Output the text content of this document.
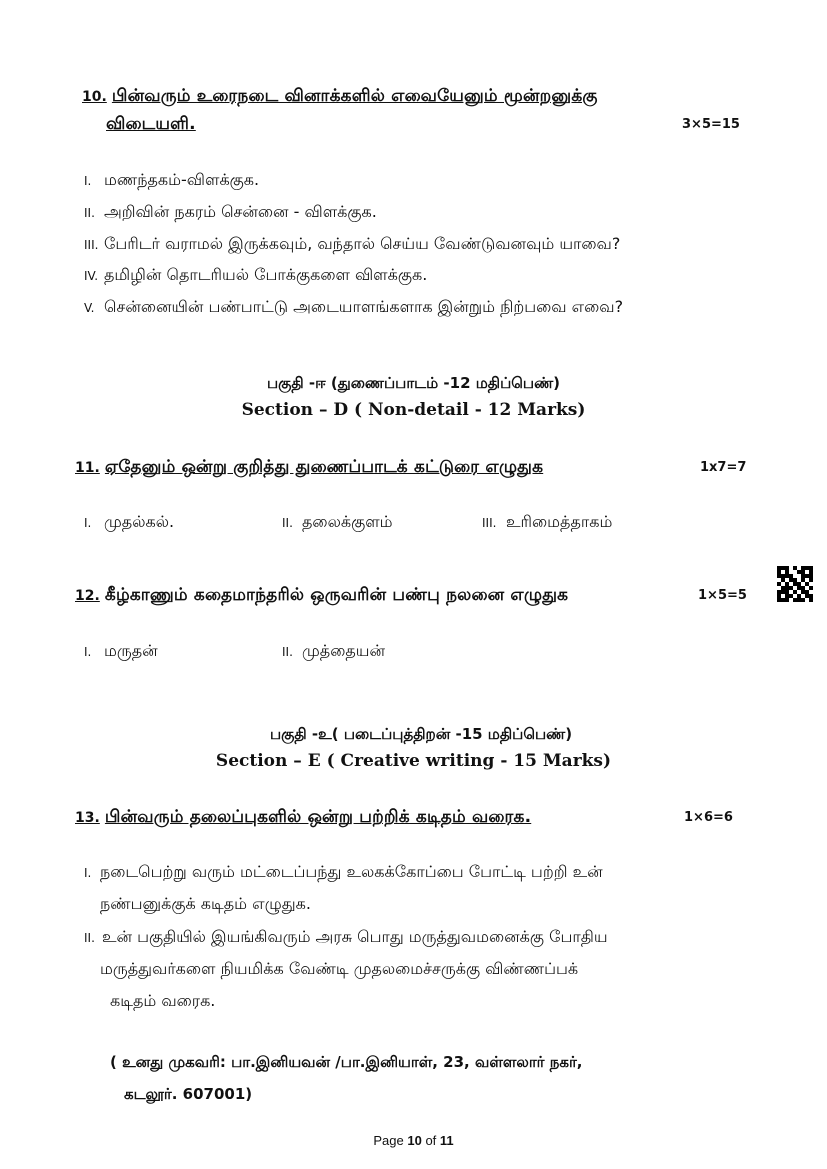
10. பின்வரும் உரைநடை வினாக்களில் எவையேனும் மூன்றனுக்கு
விடையளி.	3×5=15
I. மணந்தகம்-விளக்குக.
II. அறிவின் நகரம் சென்னை - விளக்குக.
III. பேரிடர் வராமல் இருக்கவும், வந்தால் செய்ய வேண்டுவனவும் யாவை?
IV. தமிழின் தொடரியல் போக்குகளை விளக்குக.
V. சென்னையின் பண்பாட்டு அடையாளங்களாக இன்றும் நிற்பவை எவை?
பகுதி -ஈ (துணைப்பாடம் -12 மதிப்பெண்)
Section – D ( Non-detail - 12 Marks)
11. ஏதேனும் ஒன்று குறித்து துணைப்பாடக் கட்டுரை எழுதுக	1x7=7
I. முதல்கல்.	II. தலைக்குளம்	III. உரிமைத்தாகம்
12. கீழ்காணும் கதைமாந்தரில் ஒருவரின் பண்பு நலனை எழுதுக	1×5=5
I. மருதன்	II. முத்தையன்
பகுதி -உ( படைப்புத்திறன் -15 மதிப்பெண்)
Section – E ( Creative writing - 15 Marks)
13. பின்வரும் தலைப்புகளில் ஒன்று பற்றிக் கடிதம் வரைக.	1×6=6
I. நடைபெற்று வரும் மட்டைப்பந்து உலகக்கோப்பை போட்டி பற்றி உன்
நண்பனுக்குக் கடிதம் எழுதுக.
II. உன் பகுதியில் இயங்கிவரும் அரசு பொது மருத்துவமனைக்கு போதிய
மருத்துவர்களை நியமிக்க வேண்டி முதலமைச்சருக்கு விண்ணப்பக்
கடிதம் வரைக.
( உனது முகவரி: பா.இனியவன் /பா.இனியாள், 23, வள்ளலார் நகர்,
கடலூர். 607001)
Page 10 of 11
